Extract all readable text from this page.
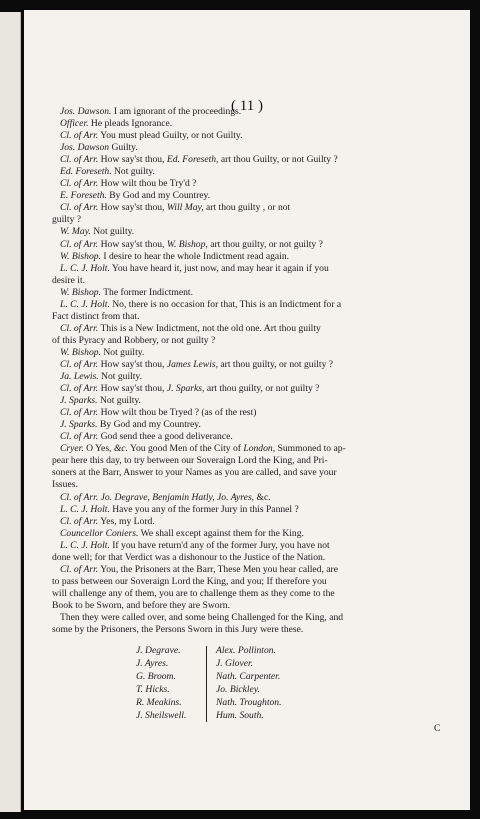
( 11 )
Jos. Dawson. I am ignorant of the proceedings.
Officer. He pleads Ignorance.
Cl. of Arr. You must plead Guilty, or not Guilty.
Jos. Dawson Guilty.
Cl. of Arr. How say'st thou, Ed. Foreseth, art thou Guilty, or not Guilty ?
Ed. Foreseth. Not guilty.
Cl. of Arr. How wilt thou be Try'd ?
E. Foreseth. By God and my Countrey.
Cl. of Arr. How say'st thou, Will May, art thou guilty , or not
guilty ?
W. May. Not guilty.
Cl. of Arr. How say'st thou, W. Bishop, art thou guilty, or not guilty ?
W. Bishop. I desire to hear the whole Indictment read again.
L. C. J. Holt. You have heard it, just now, and may hear it again if you
desire it.
W. Bishop. The former Indictment.
L. C. J. Holt. No, there is no occasion for that, This is an Indictment for a
Fact distinct from that.
Cl. of Arr. This is a New Indictment, not the old one. Art thou guilty
of this Pyracy and Robbery, or not guilty ?
W. Bishop. Not guilty.
Cl. of Arr. How say'st thou, James Lewis, art thou guilty, or not guilty ?
Ja. Lewis. Not guilty.
Cl. of Arr. How say'st thou, J. Sparks, art thou guilty, or not guilty ?
J. Sparks. Not guilty.
Cl. of Arr. How wilt thou be Tryed ? (as of the rest)
J. Sparks. By God and my Countrey.
Cl. of Arr. God send thee a good deliverance.
Cryer. O Yes, &c. You good Men of the City of London, Summoned to ap-
pear here this day, to try between our Soveraign Lord the King, and Pri-
soners at the Barr, Answer to your Names as you are called, and save your
Issues.
Cl. of Arr. Jo. Degrave, Benjamin Hatly, Jo. Ayres, &c.
L. C. J. Holt. Have you any of the former Jury in this Pannel ?
Cl. of Arr. Yes, my Lord.
Councellor Coniers. We shall except against them for the King.
L. C. J. Holt. If you have return'd any of the former Jury, you have not
done well; for that Verdict was a dishonour to the Justice of the Nation.
Cl. of Arr. You, the Prisoners at the Barr, These Men you hear called, are
to pass between our Soveraign Lord the King, and you; If therefore you
will challenge any of them, you are to challenge them as they come to the
Book to be Sworn, and before they are Sworn.
Then they were called over, and some being Challenged for the King, and
some by the Prisoners, the Persons Sworn in this Jury were these.
J. Degrave.
J. Ayres.
G. Broom.
T. Hicks.
R. Meakins.
J. Sheilswell.
Alex. Pollinton.
J. Glover.
Nath. Carpenter.
Jo. Bickley.
Nath. Troughton.
Hum. South.
C
